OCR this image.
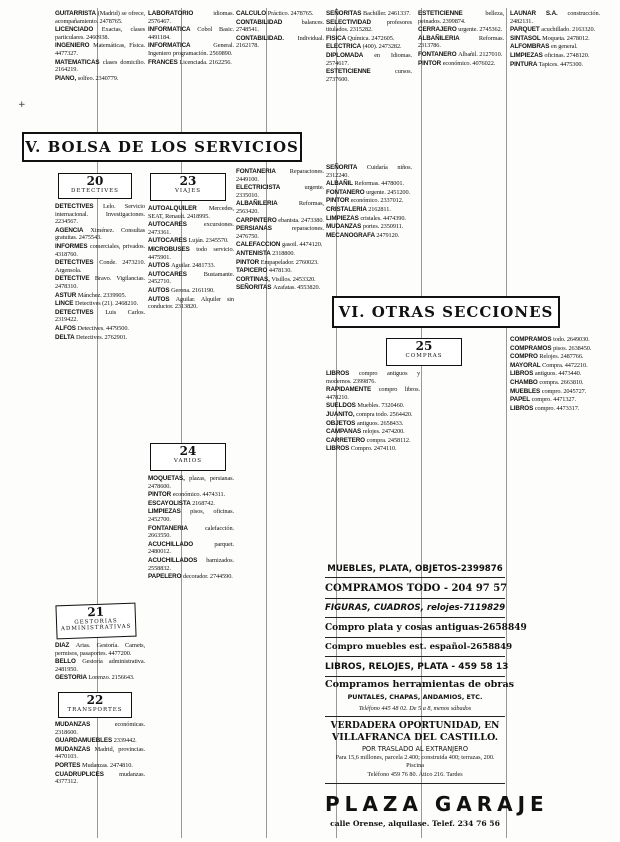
GUITARRISTA (Madrid) se ofrece, acompañamiento. 2478765.

LICENCIADO Exactas, clases particulares. 2460938.

INGENIERO Matemáticas, Física. 4477327.

MATEMATICAS clases domicilio. 2164219.

PIANO, solfeo. 2340779.

LABORATORIO idiomas. 2576467.

INFORMATICA Cobol Basic. 4491184.

INFORMATICA General. Ingeniero programación. 2569890.

FRANCES Licenciada. 2162256.

CALCULO Práctico. 2478765.

CONTABILIDAD balances. 2748541.

CONTABILIDAD. Individual. 2162178.

SEÑORITAS Bachiller. 2461337.

SELECTIVIDAD profesores titulados. 2315282.

FISICA Química. 2472605.

ELECTRICA (400). 2473282.

DIPLOMADA en Idiomas. 2574617.

ESTETICIENNE cursos. 2737600.

ESTETICIENNE belleza, peinados. 2399874.

CERRAJERO urgente. 2745362.

ALBAÑILERIA Reformas. 2313786.

FONTANERO Albañil. 2127010.

PINTOR económico. 4076022.

LAUNAR S.A. construcción. 2482131.

PARQUET acuchillado. 2163320.

SINTASOL Moqueta. 2478012.

ALFOMBRAS en general.

LIMPIEZAS oficinas. 2748120.

PINTURA Tapices. 4475300.

V. BOLSA DE LOS SERVICIOS
VI. OTRAS SECCIONES
20
DETECTIVES

DETECTIVES Lelo. Servicio internacional. Investigaciones. 2234567.

AGENCIA Ximénez. Consultas gratuitas. 2475543.

INFORMES comerciales, privados. 4318760.

DETECTIVES Conde. 2473210. Argensola.

DETECTIVE Bravo. Vigilancias. 2478310.

ASTUR Mánchez. 2339905.

LINCE Detectives (21). 2468210.

DETECTIVES Luis Carlos. 2319422.

ALFOS Detectives. 4479500.

DELTA Detectives. 2762901.

21
GESTORIAS ADMINISTRATIVAS

DIAZ Arias. Gestoría. Carnets, permisos, pasaportes. 4477200.

BELLO Gestoría administrativa. 2481950.

GESTORIA Lorenzo. 2156643.

22
TRANSPORTES

MUDANZAS económicas. 2318600.

GUARDAMUEBLES 2339442.

MUDANZAS Madrid, provincias. 4470103.

PORTES Mudanzas. 2474810.

CUADRUPLICES mudanzas. 4377312.

23
VIAJES

AUTOALQUILER Mercedes, SEAT, Renault. 2418995.

AUTOCARES excursiones. 2473361.

AUTOCARES Luján. 2345570.

MICROBUSES todo servicio. 4475901.

AUTOS Aguilar. 2481733.

AUTOCARES Bustamante. 2452710.

AUTOS Gerona. 2161190.

AUTOS Aguilar. Alquiler sin conductor. 2313820.

24
VARIOS

MOQUETAS, plazas, persianas. 2478600.

PINTOR económico. 4474311.

ESCAYOLISTA 2168742.

LIMPIEZAS pisos, oficinas. 2452700.

FONTANERIA calefacción. 2663550.

ACUCHILLADO parquet. 2480012.

ACUCHILLADOS barnizados. 2558832.

PAPELERO decorador. 2744590.

FONTANERIA Reparaciones. 2449100.

ELECTRICISTA urgente. 2335010.

ALBAÑILERIA Reformas, 2563420.

CARPINTERO ebanista. 2473380.

PERSIANAS reparaciones. 2476750.

CALEFACCION gasoil. 4474120.

ANTENISTA 2318800.

PINTOR Empapelador. 2760023.

TAPICERO 4478130.

CORTINAS, Visillos. 2453320.

SEÑORITAS Azafatas. 4553820.

SEÑORITA Cuidaría niños. 2312240.

ALBAÑIL Reformas. 4478001.

FONTANERO urgente. 2451200.

PINTOR económico. 2337012.

CRISTALERIA 2162811.

LIMPIEZAS cristales. 4474390.

MUDANZAS portes. 2350911.

MECANOGRAFA 2479120.

25
COMPRAS

LIBROS compro antiguos y modernos. 2399876.

RAPIDAMENTE compro libros. 4478210.

SUELDOS Muebles. 7320460.

JUANITO, compra todo. 2564420.

OBJETOS antiguos. 2658433.

CAMPANAS relojes. 2474200.

CARRETERO compra. 2458112.

LIBROS Compro. 2474110.

COMPRAMOS todo. 2649030.

COMPRAMOS pisos. 2638450.

COMPRO Relojes. 2487766.

MAYORAL Compra. 4472210.

LIBROS antiguos. 4473440.

CHAMBO compra. 2663810.

MUEBLES compro. 2045727.

PAPEL compro. 4471327.

LIBROS compro. 4473317.

MUEBLES, PLATA, OBJETOS-2399876
COMPRAMOS TODO - 204 97 57
FIGURAS, CUADROS, relojes-7119829
Compro plata y cosas antiguas-2658849
Compro muebles est. español-2658849
LIBROS, RELOJES, PLATA - 459 58 13
Compramos herramientas de obras
PUNTALES, CHAPAS, ANDAMIOS, ETC.
Teléfono 445 48 02. De 5 a 8, menos sábados
VERDADERA OPORTUNIDAD, EN
VILLAFRANCA DEL CASTILLO.
POR TRASLADO AL EXTRANJERO
Para 15,6 millones, parcela 2.400; construida 400; terrazas, 200. Piscina
Teléfono 459 76 80. Ático 216. Tardes
PLAZA GARAJE
calle Orense, alquilase. Telef. 234 76 56
+
